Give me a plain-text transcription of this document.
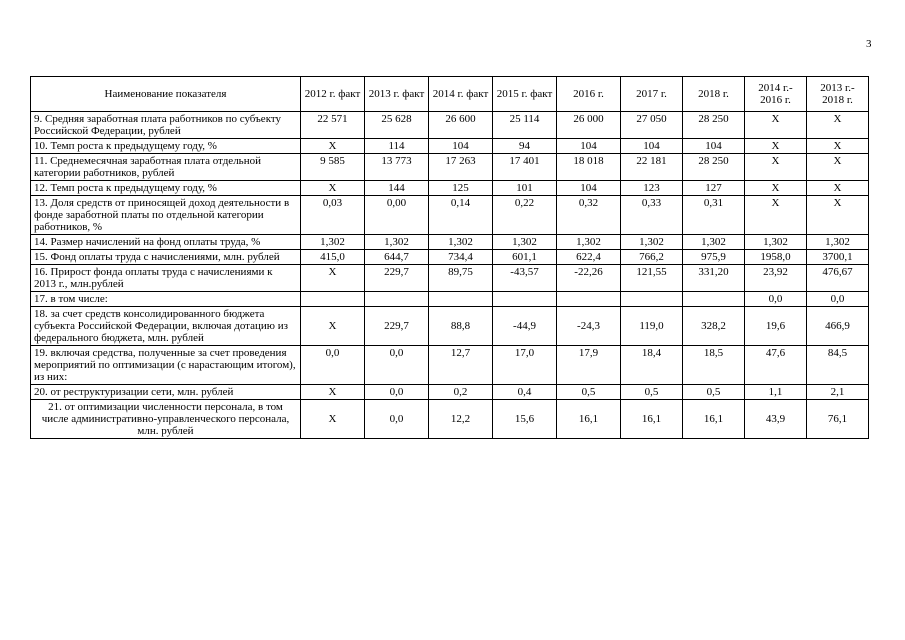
3
Наименование показателя	2012 г. факт	2013 г. факт	2014 г. факт	2015 г. факт	2016 г.	2017 г.	2018 г.	2014 г.- 2016 г.	2013 г.- 2018 г.
9. Средняя заработная плата работников по субъекту Российской Федерации, рублей	22 571	25 628	26 600	25 114	26 000	27 050	28 250	Х	Х
10. Темп роста к предыдущему году, %	Х	114	104	94	104	104	104	Х	Х
11. Среднемесячная заработная плата отдельной категории работников, рублей	9 585	13 773	17 263	17 401	18 018	22 181	28 250	Х	Х
12. Темп роста к предыдущему году, %	Х	144	125	101	104	123	127	Х	Х
13. Доля средств от приносящей доход деятельности в фонде заработной платы по отдельной категории работников, %	0,03	0,00	0,14	0,22	0,32	0,33	0,31	Х	Х
14. Размер начислений на фонд оплаты труда, %	1,302	1,302	1,302	1,302	1,302	1,302	1,302	1,302	1,302
15. Фонд оплаты труда с начислениями, млн. рублей	415,0	644,7	734,4	601,1	622,4	766,2	975,9	1958,0	3700,1
16. Прирост фонда оплаты труда с начислениями к 2013 г., млн.рублей	Х	229,7	89,75	-43,57	-22,26	121,55	331,20	23,92	476,67
17. в том числе:								0,0	0,0
18. за счет средств консолидированного бюджета субъекта Российской Федерации, включая дотацию из федерального бюджета, млн. рублей	Х	229,7	88,8	-44,9	-24,3	119,0	328,2	19,6	466,9
19. включая средства, полученные за счет проведения мероприятий по оптимизации (с нарастающим итогом), из них:	0,0	0,0	12,7	17,0	17,9	18,4	18,5	47,6	84,5
20. от реструктуризации сети, млн. рублей	Х	0,0	0,2	0,4	0,5	0,5	0,5	1,1	2,1
21. от оптимизации численности персонала, в том числе административно-управленческого персонала, млн. рублей	Х	0,0	12,2	15,6	16,1	16,1	16,1	43,9	76,1
